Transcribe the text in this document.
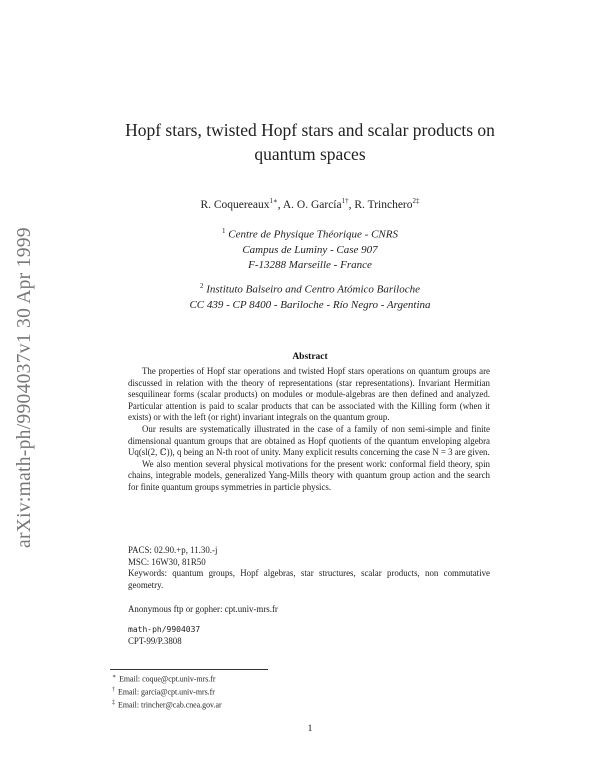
arXiv:math-ph/9904037v1 30 Apr 1999
Hopf stars, twisted Hopf stars and scalar products on
quantum spaces
R. Coquereaux$^{1∗}$, A. O. García$^{1\dagger}$, R. Trinchero$^{2\ddagger}$
$^1$ Centre de Physique Théorique - CNRS
Campus de Luminy - Case 907
F-13288 Marseille - France
$^2$ Instituto Balseiro and Centro Atómico Bariloche
CC 439 - CP 8400 - Bariloche - Río Negro - Argentina
Abstract

The properties of Hopf star operations and twisted Hopf stars operations on quantum groups are discussed in relation with the theory of representations (star representations). Invariant Hermitian sesquilinear forms (scalar products) on modules or module-algebras are then defined and analyzed. Particular attention is paid to scalar products that can be associated with the Killing form (when it exists) or with the left (or right) invariant integrals on the quantum group.

Our results are systematically illustrated in the case of a family of non semi-simple and finite dimensional quantum groups that are obtained as Hopf quotients of the quantum enveloping algebra Uq(sl(2, ℂ)), q being an N-th root of unity. Many explicit results concerning the case N = 3 are given.

We also mention several physical motivations for the present work: conformal field theory, spin chains, integrable models, generalized Yang-Mills theory with quantum group action and the search for finite quantum groups symmetries in particle physics.

PACS: 02.90.+p, 11.30.-j

MSC: 16W30, 81R50

Keywords: quantum groups, Hopf algebras, star structures, scalar products, non commutative geometry.

Anonymous ftp or gopher: cpt.univ-mrs.fr
math-ph/9904037
CPT-99/P.3808
∗ Email: coque@cpt.univ-mrs.fr
† Email: garcia@cpt.univ-mrs.fr
‡ Email: trincher@cab.cnea.gov.ar
1
